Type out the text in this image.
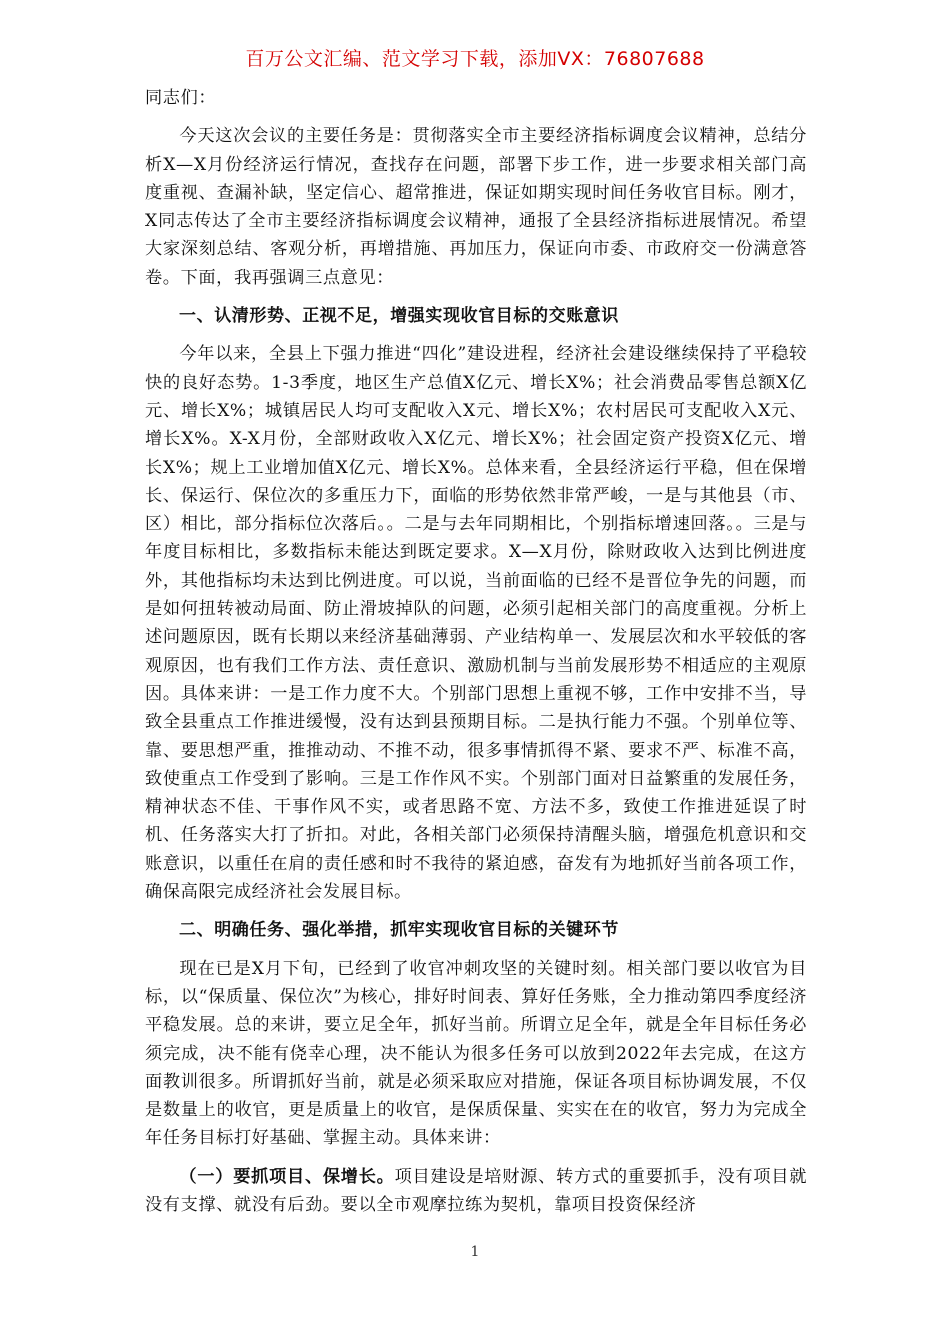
百万公文汇编、范文学习下载，添加VX：76807688

同志们：

今天这次会议的主要任务是：贯彻落实全市主要经济指标调度会议精神，总结分析X—X月份经济运行情况，查找存在问题，部署下步工作，进一步要求相关部门高度重视、查漏补缺，坚定信心、超常推进，保证如期实现时间任务收官目标。刚才，X同志传达了全市主要经济指标调度会议精神，通报了全县经济指标进展情况。希望大家深刻总结、客观分析，再增措施、再加压力，保证向市委、市政府交一份满意答卷。下面，我再强调三点意见：

一、认清形势、正视不足，增强实现收官目标的交账意识

今年以来，全县上下强力推进“四化”建设进程，经济社会建设继续保持了平稳较快的良好态势。1-3季度，地区生产总值X亿元、增长X%；社会消费品零售总额X亿元、增长X%；城镇居民人均可支配收入X元、增长X%；农村居民可支配收入X元、增长X%。X-X月份，全部财政收入X亿元、增长X%；社会固定资产投资X亿元、增长X%；规上工业增加值X亿元、增长X%。总体来看，全县经济运行平稳，但在保增长、保运行、保位次的多重压力下，面临的形势依然非常严峻，一是与其他县（市、区）相比，部分指标位次落后。。二是与去年同期相比，个别指标增速回落。。三是与年度目标相比，多数指标未能达到既定要求。X—X月份，除财政收入达到比例进度外，其他指标均未达到比例进度。可以说，当前面临的已经不是晋位争先的问题，而是如何扭转被动局面、防止滑坡掉队的问题，必须引起相关部门的高度重视。分析上述问题原因，既有长期以来经济基础薄弱、产业结构单一、发展层次和水平较低的客观原因，也有我们工作方法、责任意识、激励机制与当前发展形势不相适应的主观原因。具体来讲：一是工作力度不大。个别部门思想上重视不够，工作中安排不当，导致全县重点工作推进缓慢，没有达到县预期目标。二是执行能力不强。个别单位等、靠、要思想严重，推推动动、不推不动，很多事情抓得不紧、要求不严、标准不高，致使重点工作受到了影响。三是工作作风不实。个别部门面对日益繁重的发展任务，精神状态不佳、干事作风不实，或者思路不宽、方法不多，致使工作推进延误了时机、任务落实大打了折扣。对此，各相关部门必须保持清醒头脑，增强危机意识和交账意识，以重任在肩的责任感和时不我待的紧迫感，奋发有为地抓好当前各项工作，确保高限完成经济社会发展目标。

二、明确任务、强化举措，抓牢实现收官目标的关键环节

现在已是X月下旬，已经到了收官冲刺攻坚的关键时刻。相关部门要以收官为目标，以“保质量、保位次”为核心，排好时间表、算好任务账，全力推动第四季度经济平稳发展。总的来讲，要立足全年，抓好当前。所谓立足全年，就是全年目标任务必须完成，决不能有侥幸心理，决不能认为很多任务可以放到2022年去完成，在这方面教训很多。所谓抓好当前，就是必须采取应对措施，保证各项目标协调发展，不仅是数量上的收官，更是质量上的收官，是保质保量、实实在在的收官，努力为完成全年任务目标打好基础、掌握主动。具体来讲：

（一）要抓项目、保增长。项目建设是培财源、转方式的重要抓手，没有项目就没有支撑、就没有后劲。要以全市观摩拉练为契机，靠项目投资保经济

1
